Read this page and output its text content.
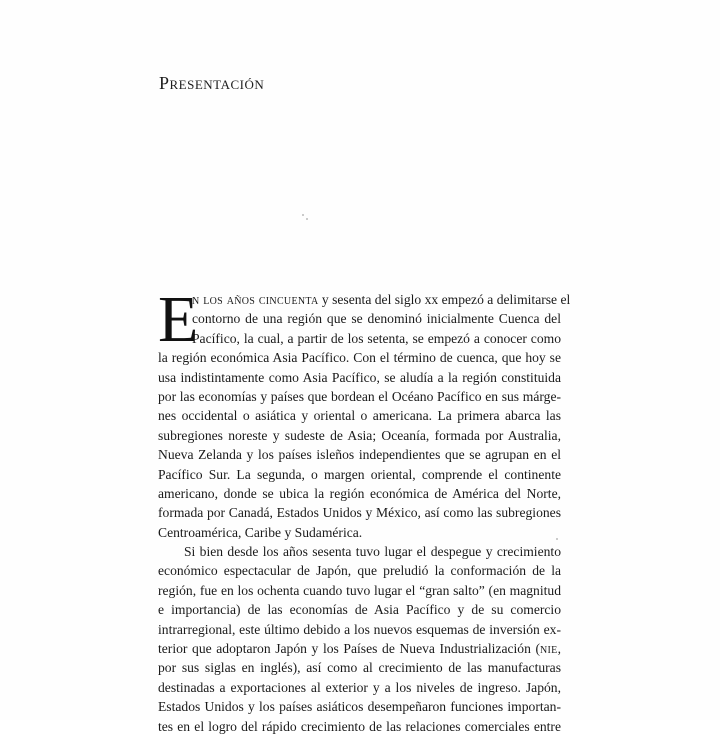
Presentación
E
n los años cincuenta y sesenta del siglo xx empezó a delimitarse el
contorno de una región que se denominó inicialmente Cuenca del
Pacífico, la cual, a partir de los setenta, se empezó a conocer como
la región económica Asia Pacífico. Con el término de cuenca, que hoy se
usa indistintamente como Asia Pacífico, se aludía a la región constituida
por las economías y países que bordean el Océano Pacífico en sus márge-
nes occidental o asiática y oriental o americana. La primera abarca las
subregiones noreste y sudeste de Asia; Oceanía, formada por Australia,
Nueva Zelanda y los países isleños independientes que se agrupan en el
Pacífico Sur. La segunda, o margen oriental, comprende el continente
americano, donde se ubica la región económica de América del Norte,
formada por Canadá, Estados Unidos y México, así como las subregiones
Centroamérica, Caribe y Sudamérica.
Si bien desde los años sesenta tuvo lugar el despegue y crecimiento
económico espectacular de Japón, que preludió la conformación de la
región, fue en los ochenta cuando tuvo lugar el “gran salto” (en magnitud
e importancia) de las economías de Asia Pacífico y de su comercio
intrarregional, este último debido a los nuevos esquemas de inversión ex-
terior que adoptaron Japón y los Países de Nueva Industrialización (nie,
por sus siglas en inglés), así como al crecimiento de las manufacturas
destinadas a exportaciones al exterior y a los niveles de ingreso. Japón,
Estados Unidos y los países asiáticos desempeñaron funciones importan-
tes en el logro del rápido crecimiento de las relaciones comerciales entre
